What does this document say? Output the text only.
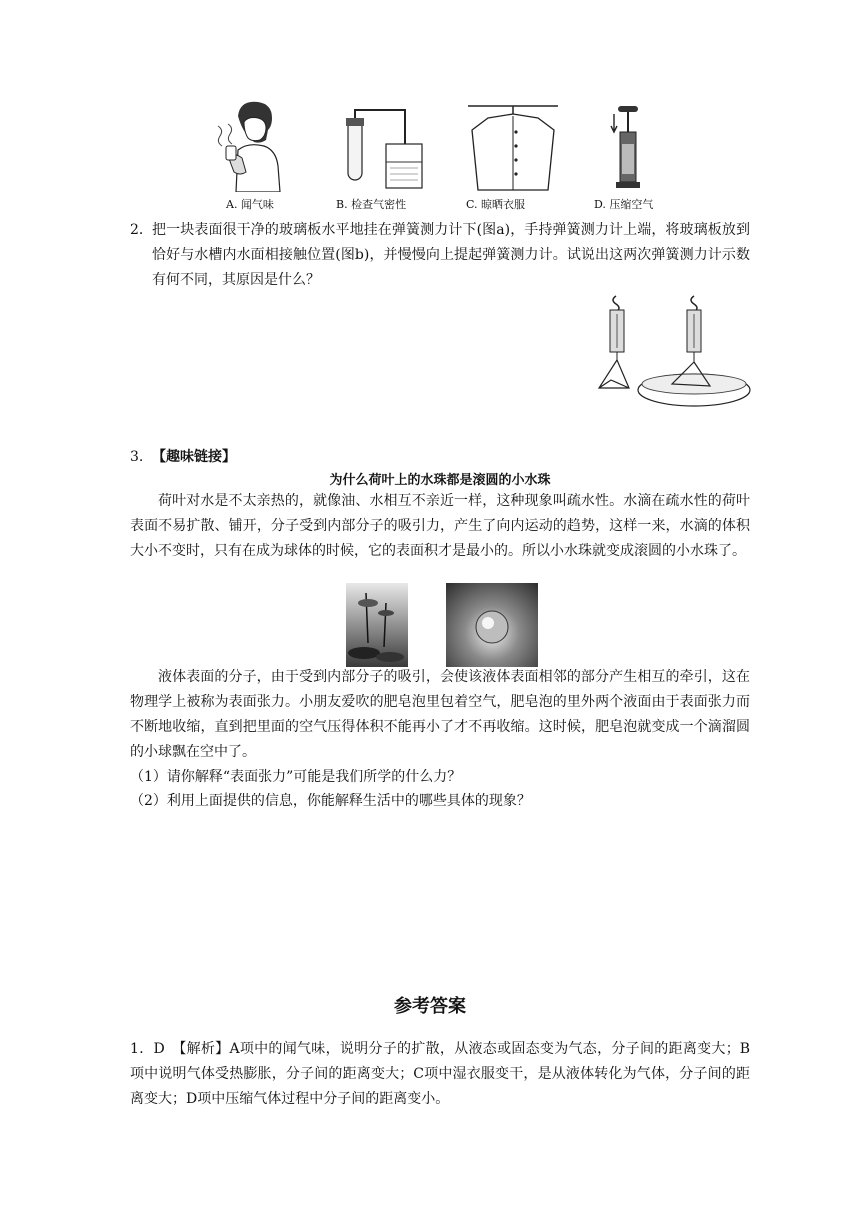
A. 闻气味	B. 检查气密性	C. 晾晒衣服	D. 压缩空气
2． 把一块表面很干净的玻璃板水平地挂在弹簧测力计下(图a)，手持弹簧测力计上端，将玻璃板放到恰好与水槽内水面相接触位置(图b)，并慢慢向上提起弹簧测力计。试说出这两次弹簧测力计示数有何不同，其原因是什么？
3. 【趣味链接】
为什么荷叶上的水珠都是滚圆的小水珠
荷叶对水是不太亲热的，就像油、水相互不亲近一样，这种现象叫疏水性。水滴在疏水性的荷叶表面不易扩散、铺开，分子受到内部分子的吸引力，产生了向内运动的趋势，这样一来，水滴的体积大小不变时，只有在成为球体的时候，它的表面积才是最小的。所以小水珠就变成滚圆的小水珠了。
液体表面的分子，由于受到内部分子的吸引，会使该液体表面相邻的部分产生相互的牵引，这在物理学上被称为表面张力。小朋友爱吹的肥皂泡里包着空气，肥皂泡的里外两个液面由于表面张力而不断地收缩，直到把里面的空气压得体积不能再小了才不再收缩。这时候，肥皂泡就变成一个滴溜圆的小球飘在空中了。
（1）请你解释“表面张力”可能是我们所学的什么力？
（2）利用上面提供的信息，你能解释生活中的哪些具体的现象？
参考答案
1．D　【解析】A项中的闻气味，说明分子的扩散，从液态或固态变为气态，分子间的距离变大；B项中说明气体受热膨胀，分子间的距离变大；C项中湿衣服变干，是从液体转化为气体，分子间的距离变大；D项中压缩气体过程中分子间的距离变小。
